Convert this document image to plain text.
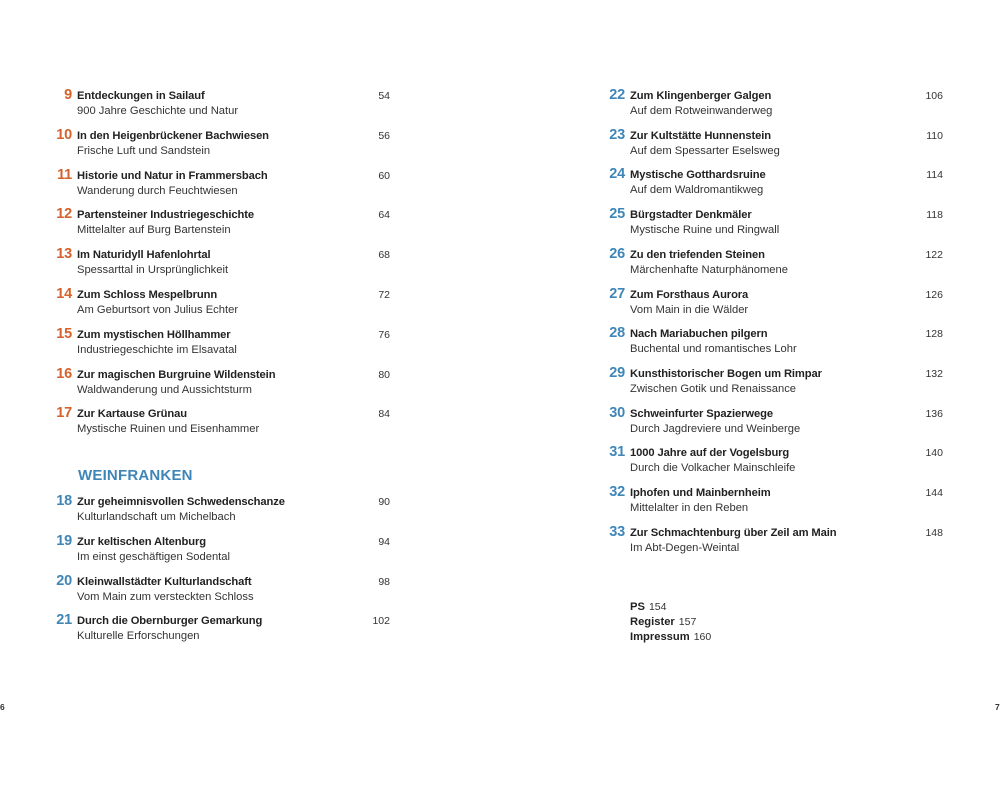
9 Entdeckungen in Sailauf
900 Jahre Geschichte und Natur
54
10 In den Heigenbrückener Bachwiesen
Frische Luft und Sandstein
56
11 Historie und Natur in Frammersbach
Wanderung durch Feuchtwiesen
60
12 Partensteiner Industriegeschichte
Mittelalter auf Burg Bartenstein
64
13 Im Naturidyll Hafenlohrtal
Spessarttal in Ursprünglichkeit
68
14 Zum Schloss Mespelbrunn
Am Geburtsort von Julius Echter
72
15 Zum mystischen Höllhammer
Industriegeschichte im Elsavatal
76
16 Zur magischen Burgruine Wildenstein
Waldwanderung und Aussichtsturm
80
17 Zur Kartause Grünau
Mystische Ruinen und Eisenhammer
84
18 Zur geheimnisvollen Schwedenschanze
Kulturlandschaft um Michelbach
90
19 Zur keltischen Altenburg
Im einst geschäftigen Sodental
94
20 Kleinwallstädter Kulturlandschaft
Vom Main zum versteckten Schloss
98
21 Durch die Obernburger Gemarkung
Kulturelle Erforschungen
102
WEINFRANKEN
22 Zum Klingenberger Galgen
Auf dem Rotweinwanderweg
106
23 Zur Kultstätte Hunnenstein
Auf dem Spessarter Eselsweg
110
24 Mystische Gotthardsruine
Auf dem Waldromantikweg
114
25 Bürgstadter Denkmäler
Mystische Ruine und Ringwall
118
26 Zu den triefenden Steinen
Märchenhafte Naturphänomene
122
27 Zum Forsthaus Aurora
Vom Main in die Wälder
126
28 Nach Mariabuchen pilgern
Buchental und romantisches Lohr
128
29 Kunsthistorischer Bogen um Rimpar
Zwischen Gotik und Renaissance
132
30 Schweinfurter Spazierwege
Durch Jagdreviere und Weinberge
136
31 1000 Jahre auf der Vogelsburg
Durch die Volkacher Mainschleife
140
32 Iphofen und Mainbernheim
Mittelalter in den Reben
144
33 Zur Schmachtenburg über Zeil am Main
Im Abt-Degen-Weintal
148
PS 154
Register 157
Impressum 160
6	7
